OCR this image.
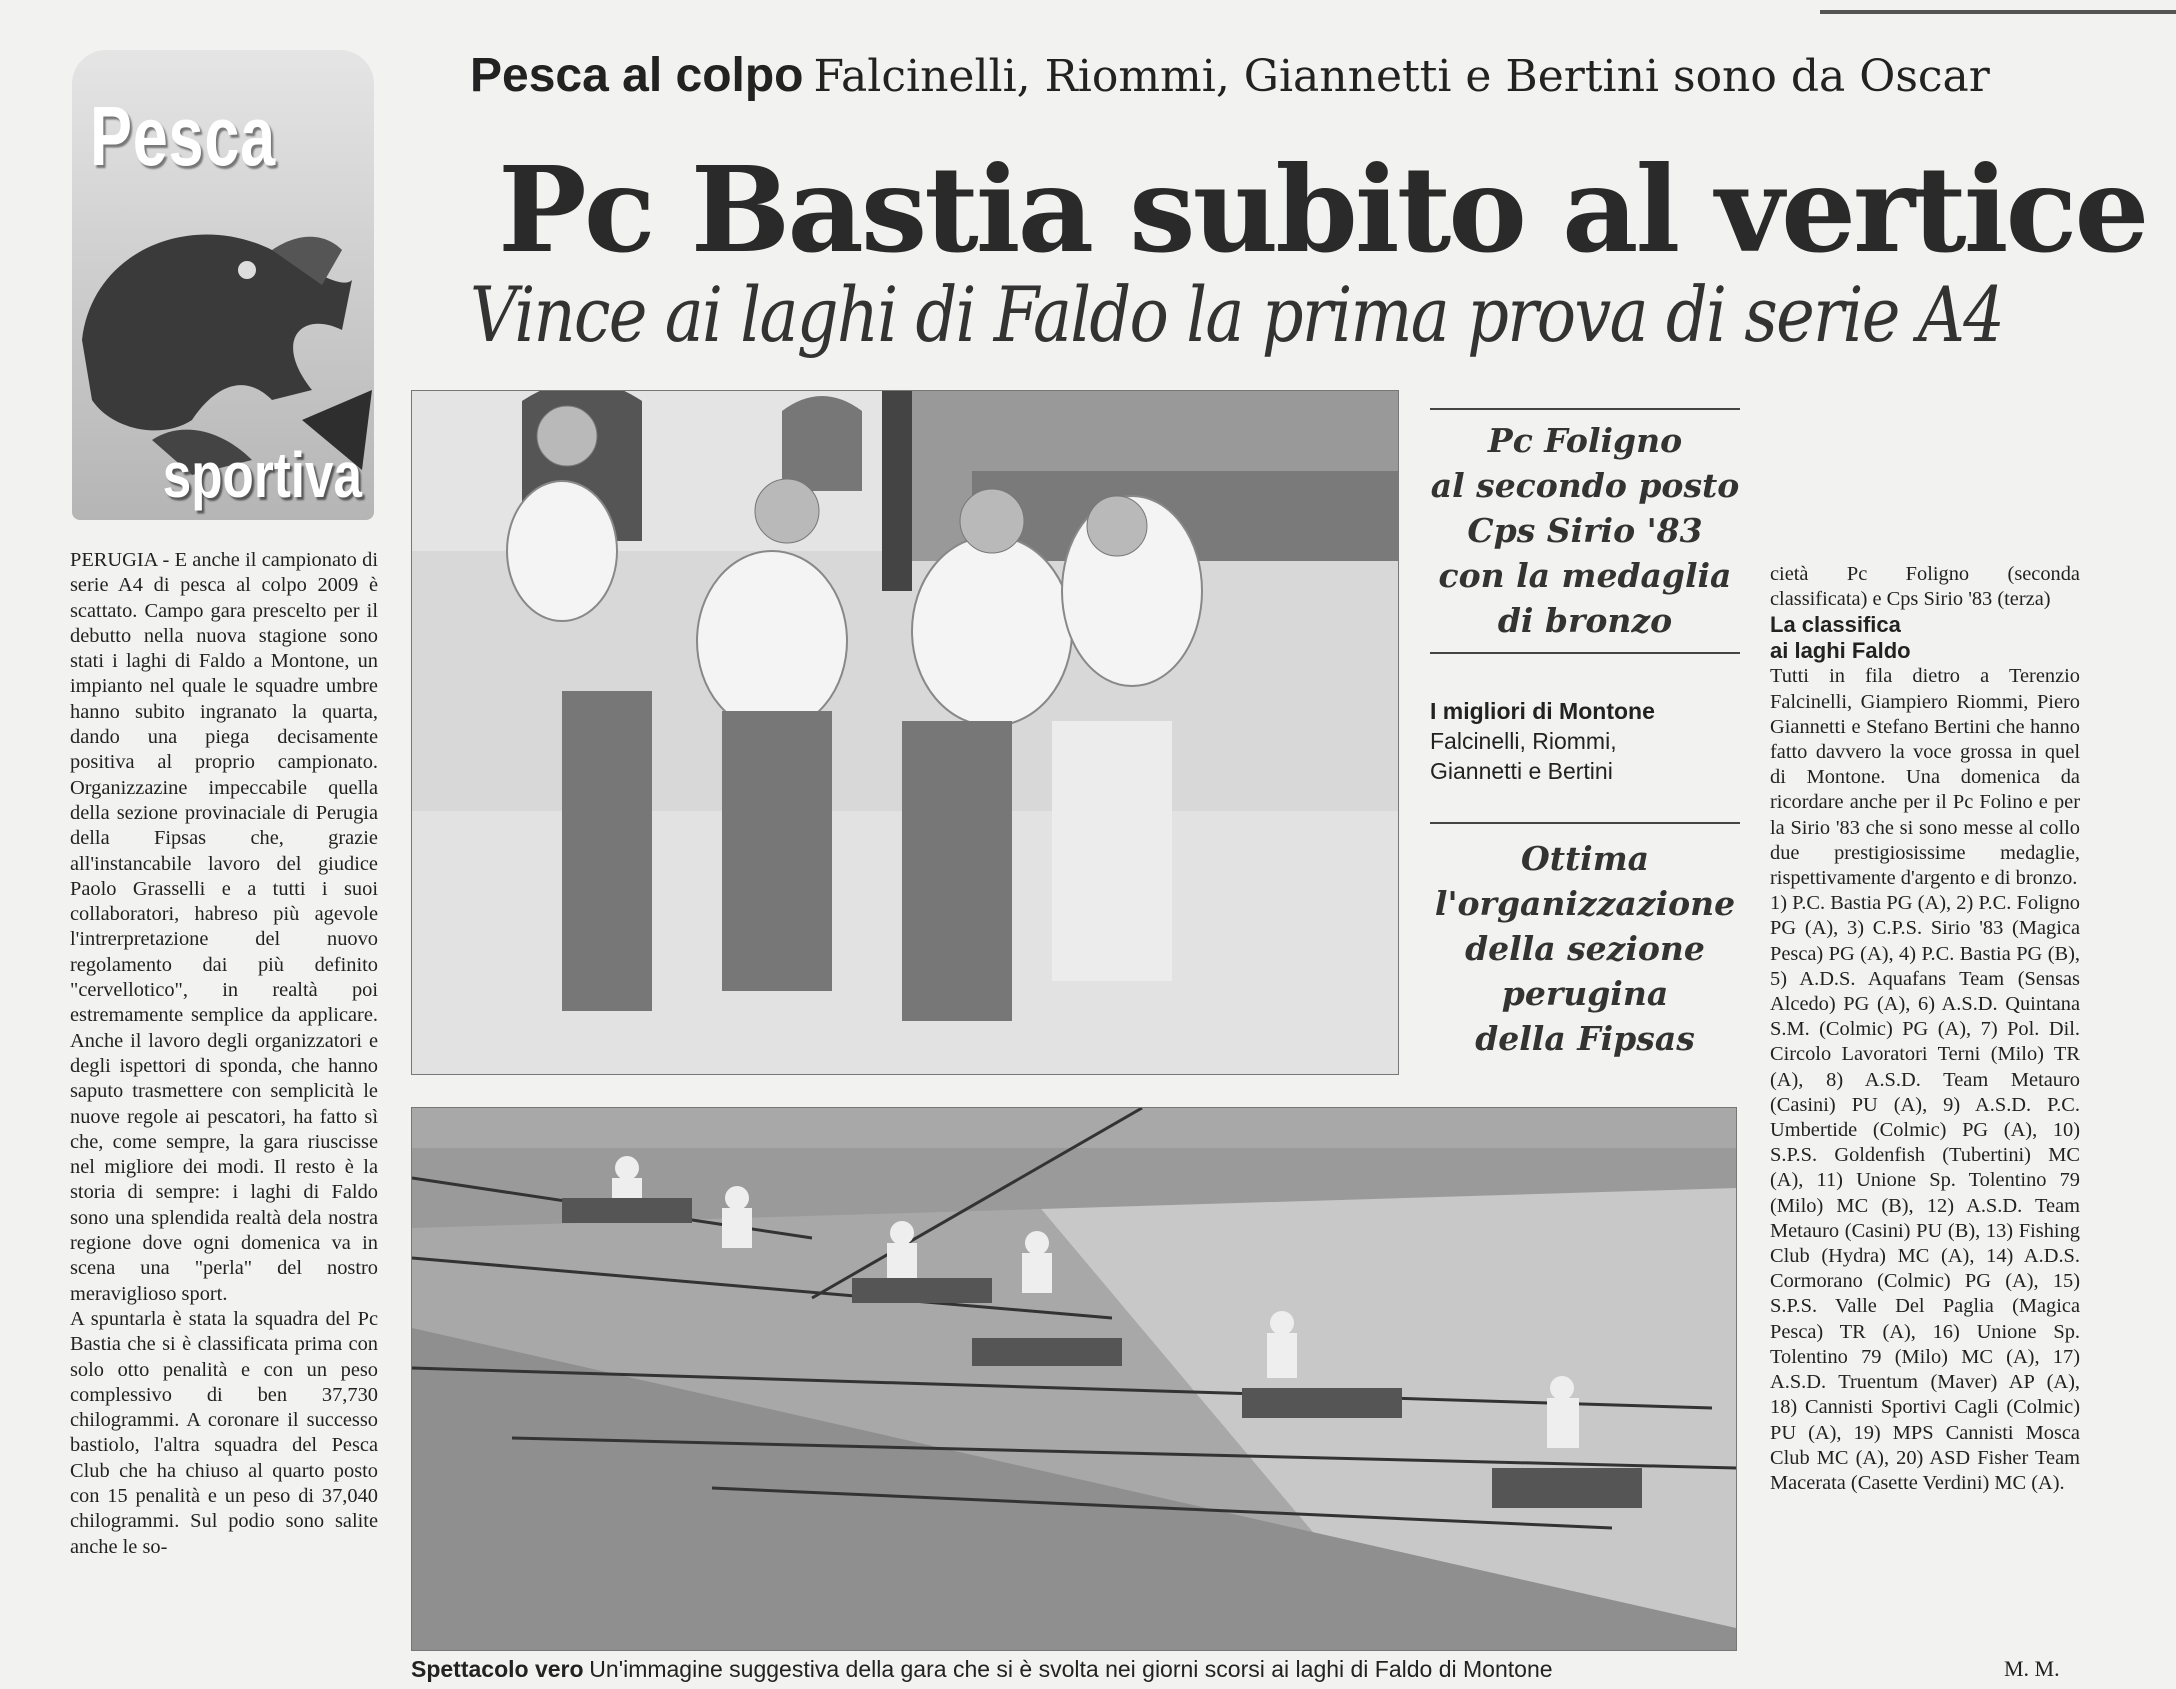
Pesca
sportiva
Pesca al colpo Falcinelli, Riommi, Giannetti e Bertini sono da Oscar
Pc Bastia subito al vertice
Vince ai laghi di Faldo la prima prova di serie A4

PERUGIA - E anche il campionato di serie A4 di pesca al colpo 2009 è scattato. Campo gara prescelto per il debutto nella nuova stagione sono stati i laghi di Faldo a Montone, un impianto nel quale le squadre umbre hanno subito ingranato la quarta, dando una piega decisamente positiva al proprio campionato. Organizzazine impeccabile quella della sezione provinaciale di Perugia della Fipsas che, grazie all'instancabile lavoro del giudice Paolo Grasselli e a tutti i suoi collaboratori, habreso più agevole l'intrerpretazione del nuovo regolamento dai più definito "cervellotico", in realtà poi estremamente semplice da applicare. Anche il lavoro degli organizzatori e degli ispettori di sponda, che hanno saputo trasmettere con semplicità le nuove regole ai pescatori, ha fatto sì che, come sempre, la gara riuscisse nel migliore dei modi. Il resto è la storia di sempre: i laghi di Faldo sono una splendida realtà dela nostra regione dove ogni domenica va in scena una "perla" del nostro meraviglioso sport.

A spuntarla è stata la squadra del Pc Bastia che si è classificata prima con solo otto penalità e con un peso complessivo di ben 37,730 chilogrammi. A coronare il successo bastiolo, l'altra squadra del Pesca Club che ha chiuso al quarto posto con 15 penalità e un peso di 37,040 chilogrammi. Sul podio sono salite anche le so-

Spettacolo vero Un'immagine suggestiva della gara che si è svolta nei giorni scorsi ai laghi di Faldo di Montone
Pc Foligno
al secondo posto
Cps Sirio '83
con la medaglia
di bronzo
I migliori di Montone
Falcinelli, Riommi,
Giannetti e Bertini
Ottima
l'organizzazione
della sezione
perugina
della Fipsas

cietà Pc Foligno (seconda classificata) e Cps Sirio '83 (terza)

La classifica
ai laghi Faldo

Tutti in fila dietro a Terenzio Falcinelli, Giampiero Riommi, Piero Giannetti e Stefano Bertini che hanno fatto davvero la voce grossa in quel di Montone. Una domenica da ricordare anche per il Pc Folino e per la Sirio '83 che si sono messe al collo due prestigiosissime medaglie, rispettivamente d'argento e di bronzo.

1) P.C. Bastia PG (A), 2) P.C. Foligno PG (A), 3) C.P.S. Sirio '83 (Magica Pesca) PG (A), 4) P.C. Bastia PG (B), 5) A.D.S. Aquafans Team (Sensas Alcedo) PG (A), 6) A.S.D. Quintana S.M. (Colmic) PG (A), 7) Pol. Dil. Circolo Lavoratori Terni (Milo) TR (A), 8) A.S.D. Team Metauro (Casini) PU (A), 9) A.S.D. P.C. Umbertide (Colmic) PG (A), 10) S.P.S. Goldenfish (Tubertini) MC (A), 11) Unione Sp. Tolentino 79 (Milo) MC (B), 12) A.S.D. Team Metauro (Casini) PU (B), 13) Fishing Club (Hydra) MC (A), 14) A.D.S. Cormorano (Colmic) PG (A), 15) S.P.S. Valle Del Paglia (Magica Pesca) TR (A), 16) Unione Sp. Tolentino 79 (Milo) MC (A), 17) A.S.D. Truentum (Maver) AP (A), 18) Cannisti Sportivi Cagli (Colmic) PU (A), 19) MPS Cannisti Mosca Club MC (A), 20) ASD Fisher Team Macerata (Casette Verdini) MC (A).

M. M.
